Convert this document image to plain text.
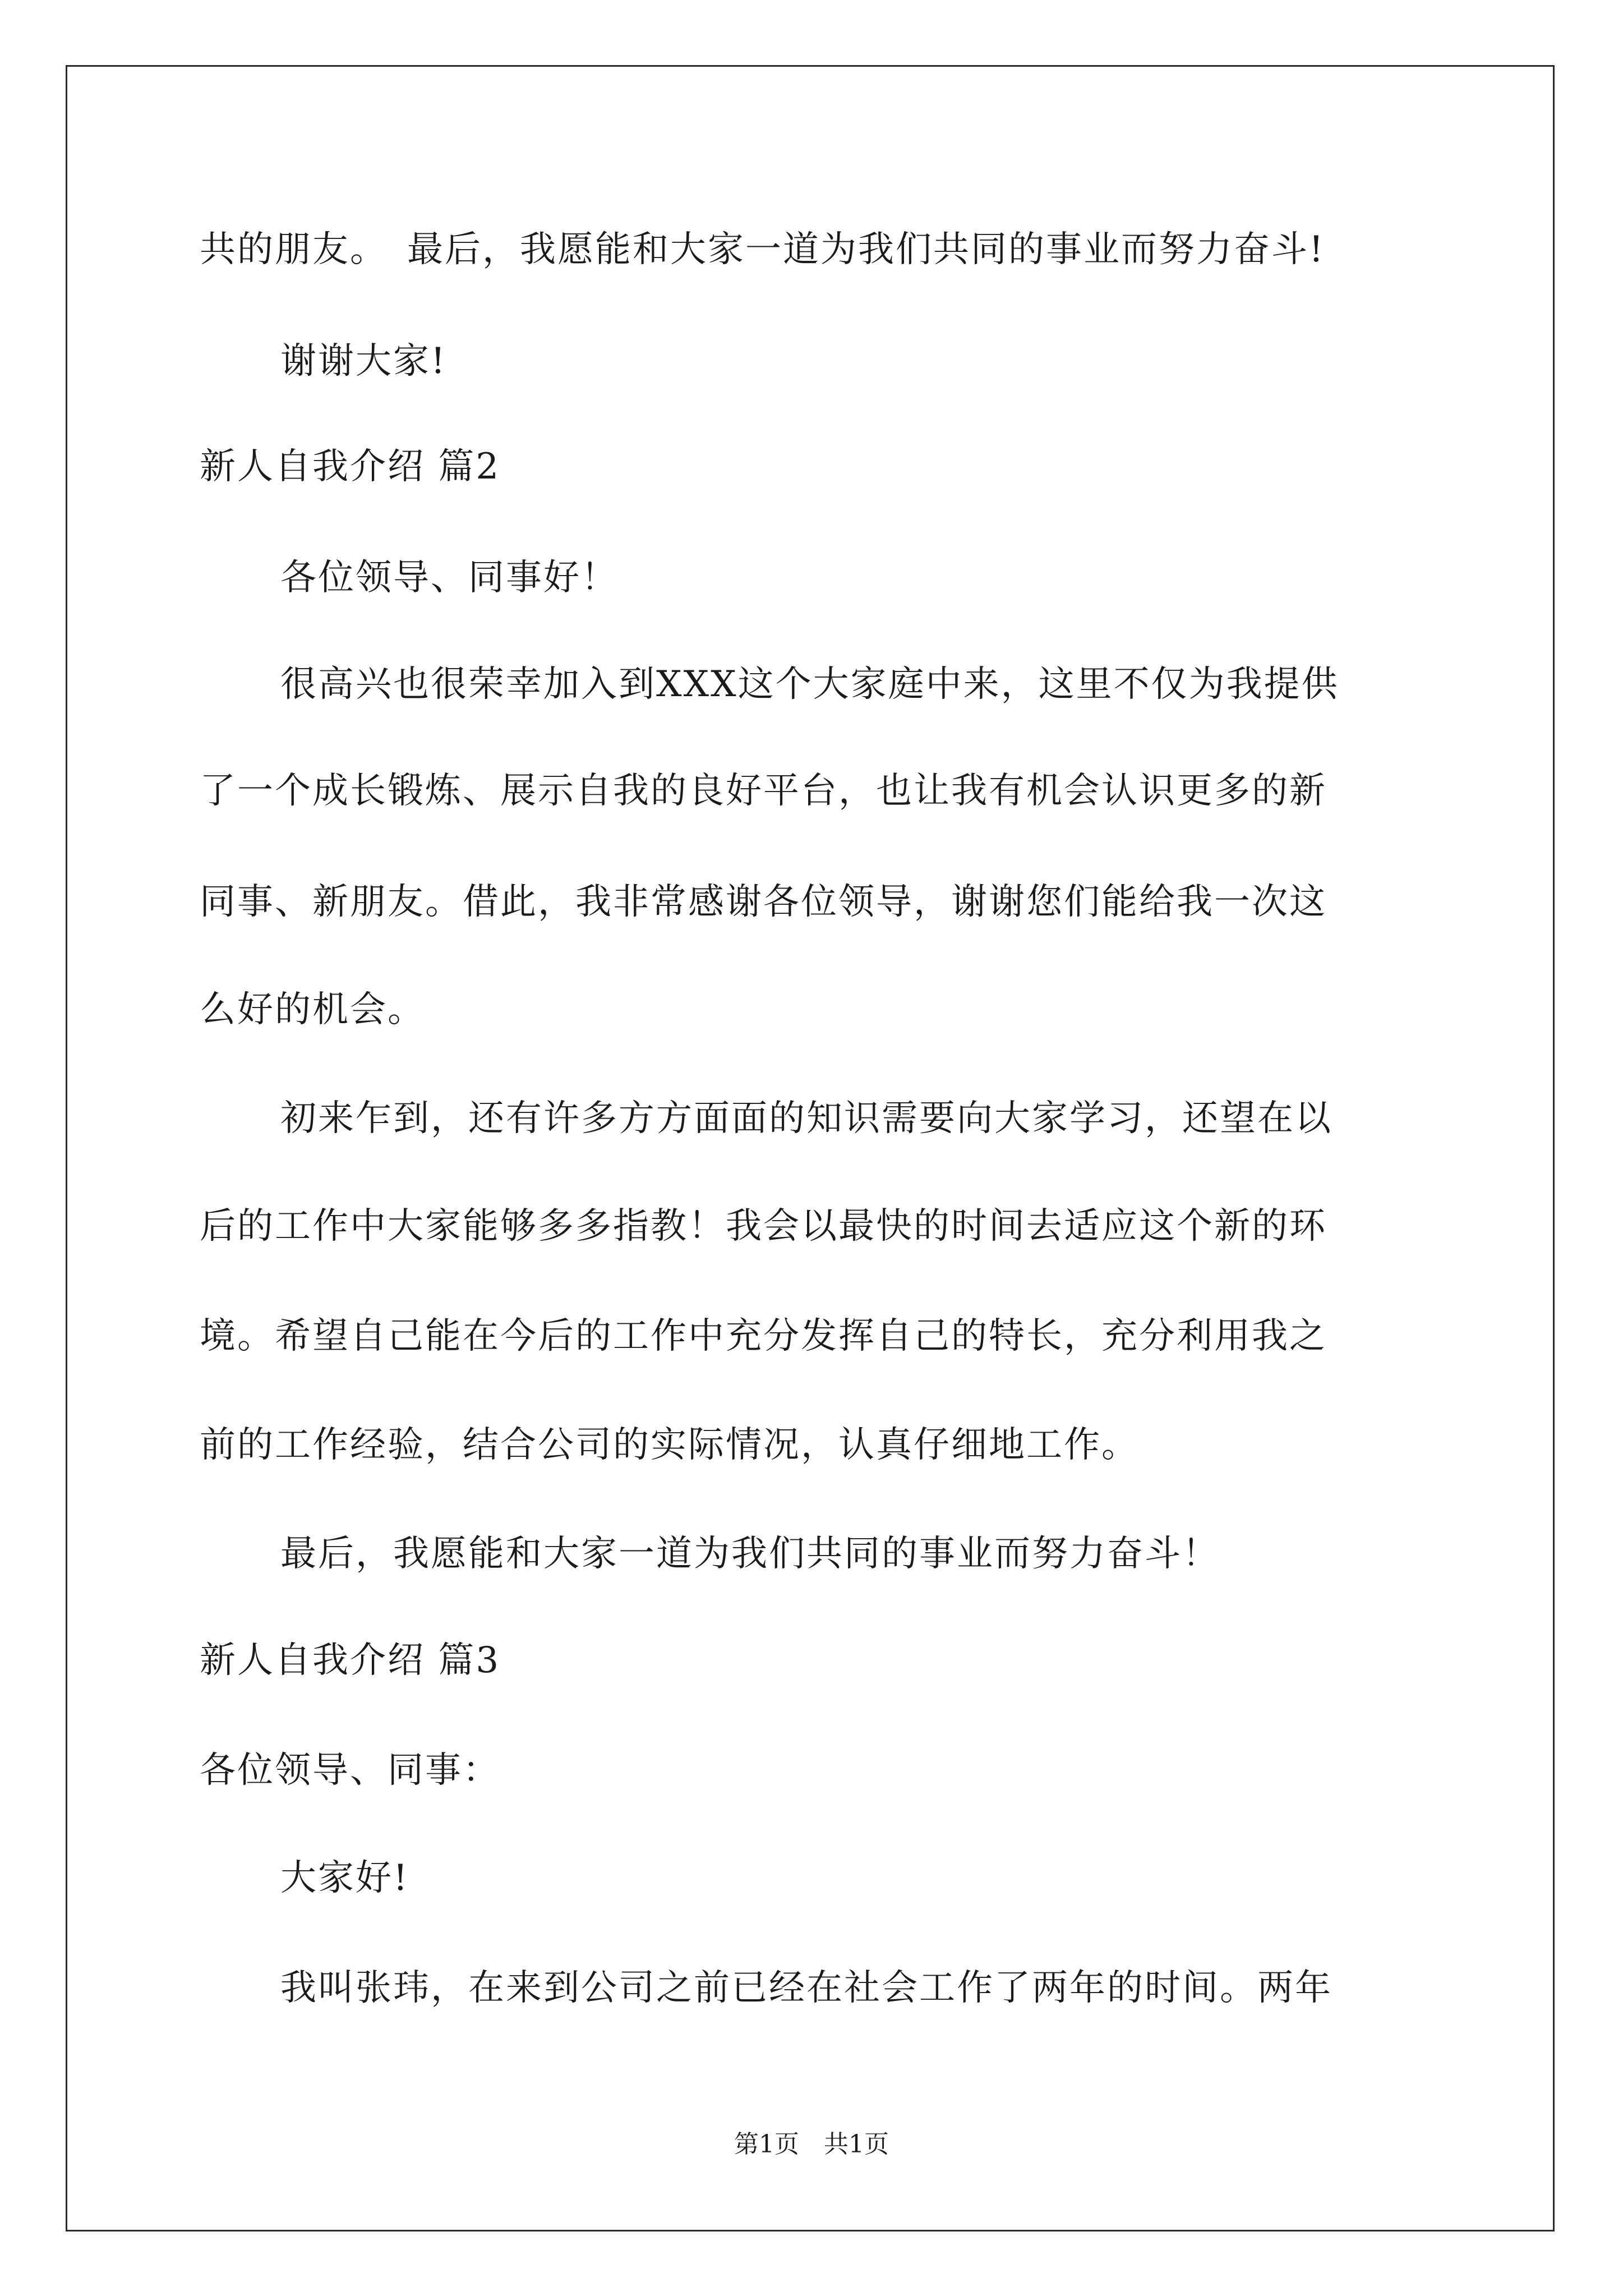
共的朋友。　最后，我愿能和大家一道为我们共同的事业而努力奋斗!
谢谢大家!
新人自我介绍 篇2
各位领导、同事好！
很高兴也很荣幸加入到XXX这个大家庭中来，这里不仅为我提供
了一个成长锻炼、展示自我的良好平台，也让我有机会认识更多的新
同事、新朋友。借此，我非常感谢各位领导，谢谢您们能给我一次这
么好的机会。
初来乍到，还有许多方方面面的知识需要向大家学习，还望在以
后的工作中大家能够多多指教！我会以最快的时间去适应这个新的环
境。希望自己能在今后的工作中充分发挥自己的特长，充分利用我之
前的工作经验，结合公司的实际情况，认真仔细地工作。
最后，我愿能和大家一道为我们共同的事业而努力奋斗！
新人自我介绍 篇3
各位领导、同事：
大家好!
我叫张玮，在来到公司之前已经在社会工作了两年的时间。两年
第1页　共1页
